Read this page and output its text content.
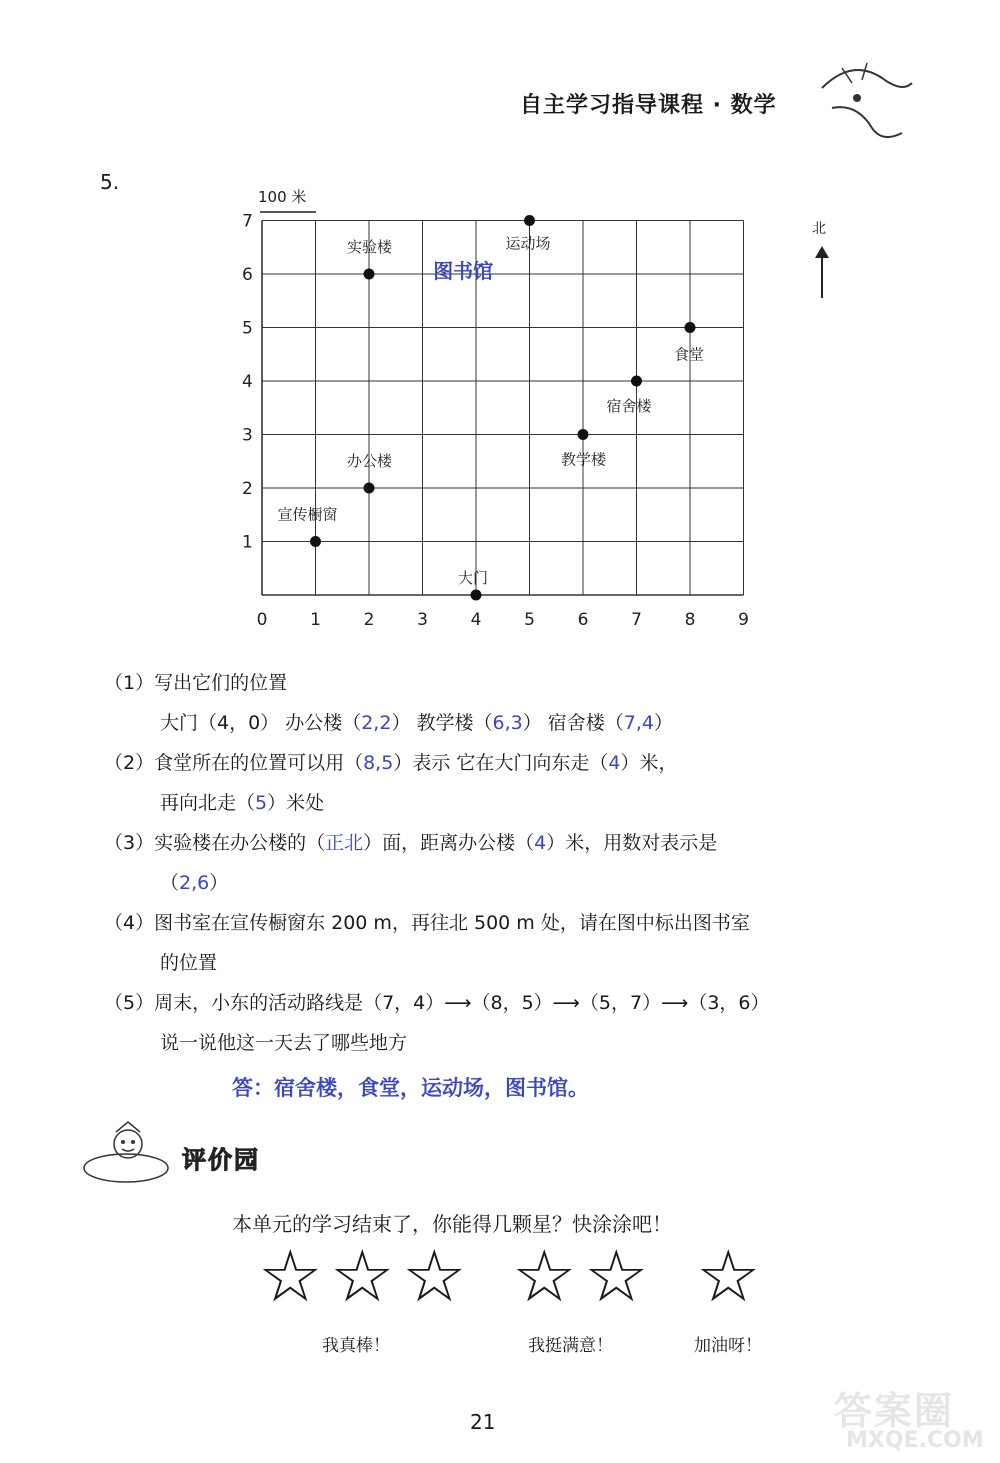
自主学习指导课程 · 数学
5.
100 米
北
0	1	2	3	4	5	6	7	8	9
1
2
3
4
5
6
7
宣传橱窗
办公楼
实验楼
大门
运动场
教学楼
宿舍楼
食堂
图书馆
（1）写出它们的位置
大门（4，0） 办公楼（2,2） 教学楼（6,3） 宿舍楼（7,4）
（2）食堂所在的位置可以用（8,5）表示 它在大门向东走（4）米，
再向北走（5）米处
（3）实验楼在办公楼的（正北）面，距离办公楼（4）米，用数对表示是
（2,6）
（4）图书室在宣传橱窗东 200 m，再往北 500 m 处，请在图中标出图书室
的位置
（5）周末，小东的活动路线是（7，4）⟶（8，5）⟶（5，7）⟶（3，6）
说一说他这一天去了哪些地方
答：宿舍楼，食堂，运动场，图书馆。
评价园
本单元的学习结束了，你能得几颗星？快涂涂吧！
☆ ☆ ☆ ☆ ☆ ☆
我真棒！	我挺满意！	加油呀！
21	答案圈
MXQE.COM
